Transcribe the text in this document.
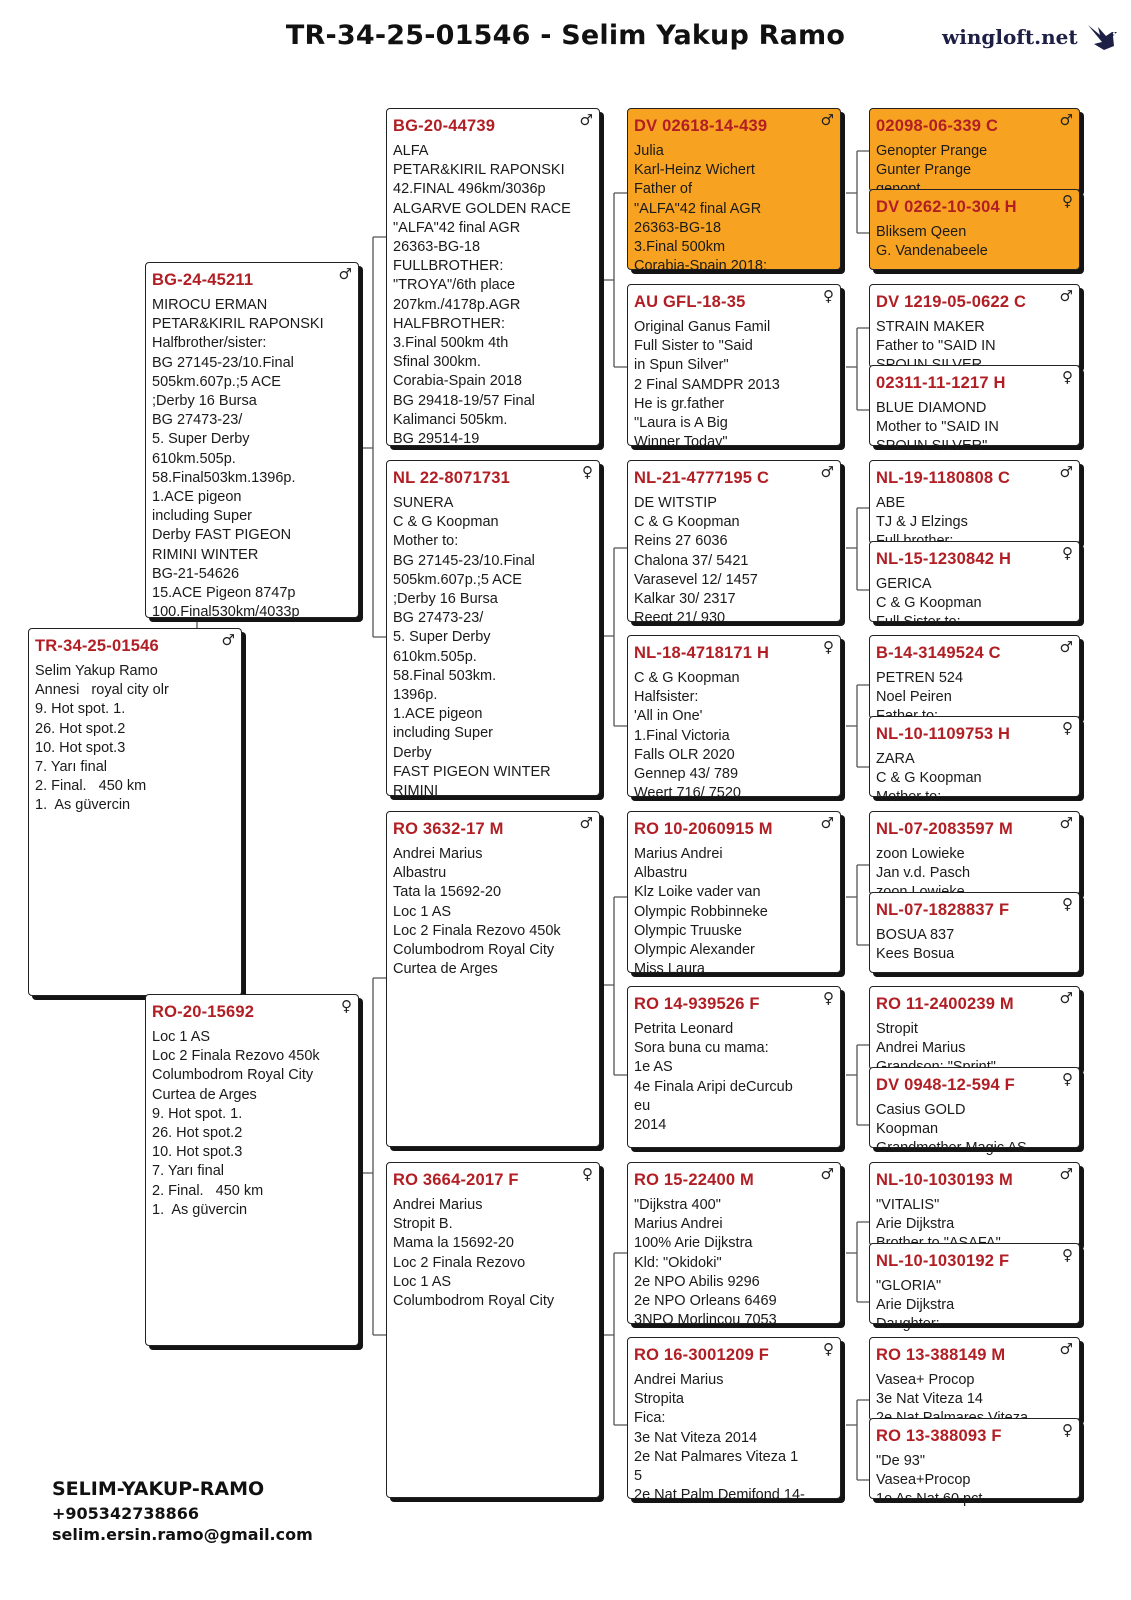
TR-34-25-01546 - Selim Yakup Ramo	wingloft.net
TR-34-25-01546	♂
Selim Yakup Ramo
Annesi   royal city olr
9. Hot spot. 1.
26. Hot spot.2
10. Hot spot.3
7. Yarı final
2. Final.   450 km
1.  As güvercin
BG-24-45211	♂
MIROCU ERMAN
PETAR&KIRIL RAPONSKI
Halfbrother/sister:
BG 27145-23/10.Final
505km.607p.;5 ACE
;Derby 16 Bursa
BG 27473-23/
5. Super Derby
610km.505p.
58.Final503km.1396p.
1.ACE pigeon
including Super
Derby FAST PIGEON
RIMINI WINTER
BG-21-54626
15.ACE Pigeon 8747p
100.Final530km/4033p
RO-20-15692	♀
Loc 1 AS
Loc 2 Finala Rezovo 450k
Columbodrom Royal City
Curtea de Arges
9. Hot spot. 1.
26. Hot spot.2
10. Hot spot.3
7. Yarı final
2. Final.   450 km
1.  As güvercin
BG-20-44739	♂
ALFA
PETAR&KIRIL RAPONSKI
42.FINAL 496km/3036p
ALGARVE GOLDEN RACE
"ALFA"42 final AGR
26363-BG-18
FULLBROTHER:
"TROYA"/6th place
207km./4178p.AGR
HALFBROTHER:
3.Final 500km 4th
Sfinal 300km.
Corabia-Spain 2018
BG 29418-19/57 Final
Kalimanci 505km.
BG 29514-19
NL 22-8071731	♀
SUNERA
C & G Koopman
Mother to:
BG 27145-23/10.Final
505km.607p.;5 ACE
;Derby 16 Bursa
BG 27473-23/
5. Super Derby
610km.505p.
58.Final 503km.
1396p.
1.ACE pigeon
including Super
Derby
FAST PIGEON WINTER
RIMINI
RO 3632-17 M	♂
Andrei Marius
Albastru
Tata la 15692-20
Loc 1 AS
Loc 2 Finala Rezovo 450k
Columbodrom Royal City
Curtea de Arges
RO 3664-2017 F	♀
Andrei Marius
Stropit B.
Mama la 15692-20
Loc 2 Finala Rezovo
Loc 1 AS
Columbodrom Royal City
DV 02618-14-439	♂
Julia
Karl-Heinz Wichert
Father of
"ALFA"42 final AGR
26363-BG-18
3.Final 500km
Corabia-Spain 2018;
AU GFL-18-35	♀
Original Ganus Famil
Full Sister to "Said
in Spun Silver"
2 Final SAMDPR 2013
He is gr.father
"Laura is A Big
Winner Today"
NL-21-4777195 C	♂
DE WITSTIP
C & G Koopman
Reins 27 6036
Chalona 37/ 5421
Varasevel 12/ 1457
Kalkar 30/ 2317
Reegt 21/ 930
NL-18-4718171 H	♀
C & G Koopman
Halfsister:
'All in One'
1.Final Victoria
Falls OLR 2020
Gennep 43/ 789
Weert 716/ 7520
RO 10-2060915 M	♂
Marius Andrei
Albastru
Klz Loike vader van
Olympic Robbinneke
Olympic Truuske
Olympic Alexander
Miss Laura
RO 14-939526 F	♀
Petrita Leonard
Sora buna cu mama:
1e AS
4e Finala Aripi deCurcub
eu
2014
RO 15-22400 M	♂
"Dijkstra 400"
Marius Andrei
100% Arie Dijkstra
Kld: "Okidoki"
2e NPO Abilis 9296
2e NPO Orleans 6469
3NPO Morlincou 7053
RO 16-3001209 F	♀
Andrei Marius
Stropita
Fica:
3e Nat Viteza 2014
2e Nat Palmares Viteza 1
5
2e Nat Palm Demifond 14-
02098-06-339 C	♂
Genopter Prange
Gunter Prange

DV 0262-10-304 H	♀
Bliksem Qeen
G. Vandenabeele
DV 1219-05-0622 C ♂
STRAIN MAKER
Father to "SAID IN

02311-11-1217 H	♀
BLUE DIAMOND
Mother to "SAID IN
SPOUN SILVER"
NL-19-1180808 C	♂
ABE
TJ & J Elzings

NL-15-1230842 H	♀
GERICA
C & G Koopman
Full Sister to:
B-14-3149524 C	♂
PETREN 524
Noel Peiren

NL-10-1109753 H	♀
ZARA
C & G Koopman
Mother to:
NL-07-2083597 M	♂
zoon Lowieke
Jan v.d. Pasch

NL-07-1828837 F	♀
BOSUA 837
Kees Bosua
RO 11-2400239 M	♂
Stropit
Andrei Marius

DV 0948-12-594 F	♀
Casius GOLD
Koopman
Grandmother Magic AS
NL-10-1030193 M	♂
"VITALIS"
Arie Dijkstra

NL-10-1030192 F	♀
"GLORIA"
Arie Dijkstra
Daughter:
RO 13-388149 M	♂
Vasea+ Procop
3e Nat Viteza 14

RO 13-388093 F	♀
"De 93"
Vasea+Procop
1e As Nat 60 pct
SELIM-YAKUP-RAMO
+905342738866
selim.ersin.ramo@gmail.com
